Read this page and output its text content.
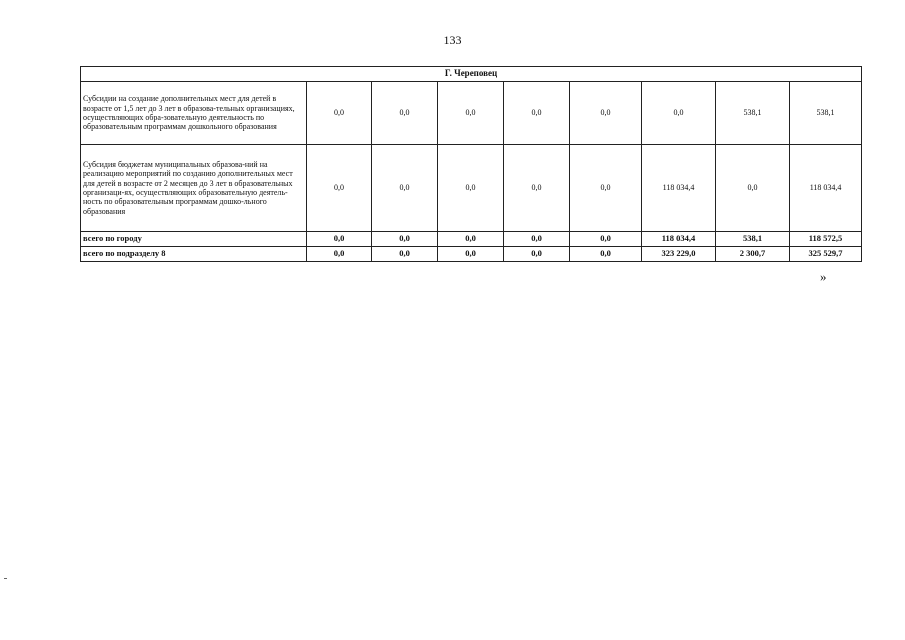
133
Г. Череповец								
Субсидии на создание дополнительных мест для детей в возрасте от 1,5 лет до 3 лет в образова-тельных организациях, осуществляющих обра-зовательную деятельность по образовательным программам дошкольного образования	0,0	0,0	0,0	0,0	0,0	0,0	538,1	538,1
Субсидия бюджетам муниципальных образова-ний на реализацию мероприятий по созданию дополнительных мест для детей в возрасте от 2 месяцев до 3 лет в образовательных организаци-ях, осуществляющих образовательную деятель-ность по образовательным программам дошко-льного образования	0,0	0,0	0,0	0,0	0,0	118 034,4	0,0	118 034,4
всего по городу	0,0	0,0	0,0	0,0	0,0	118 034,4	538,1	118 572,5
всего по подразделу 8	0,0	0,0	0,0	0,0	0,0	323 229,0	2 300,7	325 529,7
»
